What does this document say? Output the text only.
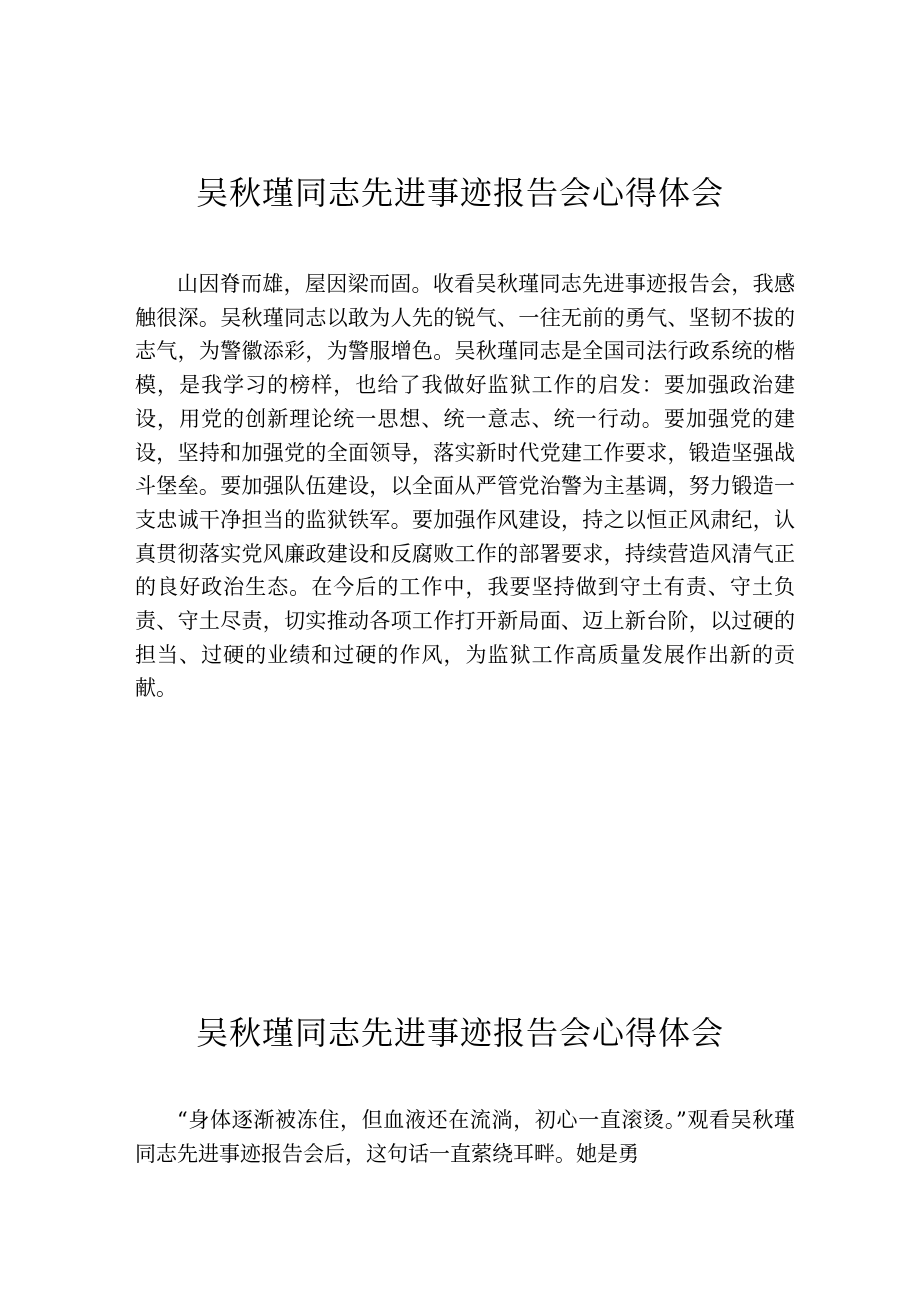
吴秋瑾同志先进事迹报告会心得体会

山因脊而雄，屋因梁而固。收看吴秋瑾同志先进事迹报告会，我感触很深。吴秋瑾同志以敢为人先的锐气、一往无前的勇气、坚韧不拔的志气，为警徽添彩，为警服增色。吴秋瑾同志是全国司法行政系统的楷模，是我学习的榜样，也给了我做好监狱工作的启发：要加强政治建设，用党的创新理论统一思想、统一意志、统一行动。要加强党的建设，坚持和加强党的全面领导，落实新时代党建工作要求，锻造坚强战斗堡垒。要加强队伍建设，以全面从严管党治警为主基调，努力锻造一支忠诚干净担当的监狱铁军。要加强作风建设，持之以恒正风肃纪，认真贯彻落实党风廉政建设和反腐败工作的部署要求，持续营造风清气正的良好政治生态。在今后的工作中，我要坚持做到守土有责、守土负责、守土尽责，切实推动各项工作打开新局面、迈上新台阶，以过硬的担当、过硬的业绩和过硬的作风，为监狱工作高质量发展作出新的贡献。

吴秋瑾同志先进事迹报告会心得体会

“身体逐渐被冻住，但血液还在流淌，初心一直滚烫。”观看吴秋瑾同志先进事迹报告会后，这句话一直萦绕耳畔。她是勇
